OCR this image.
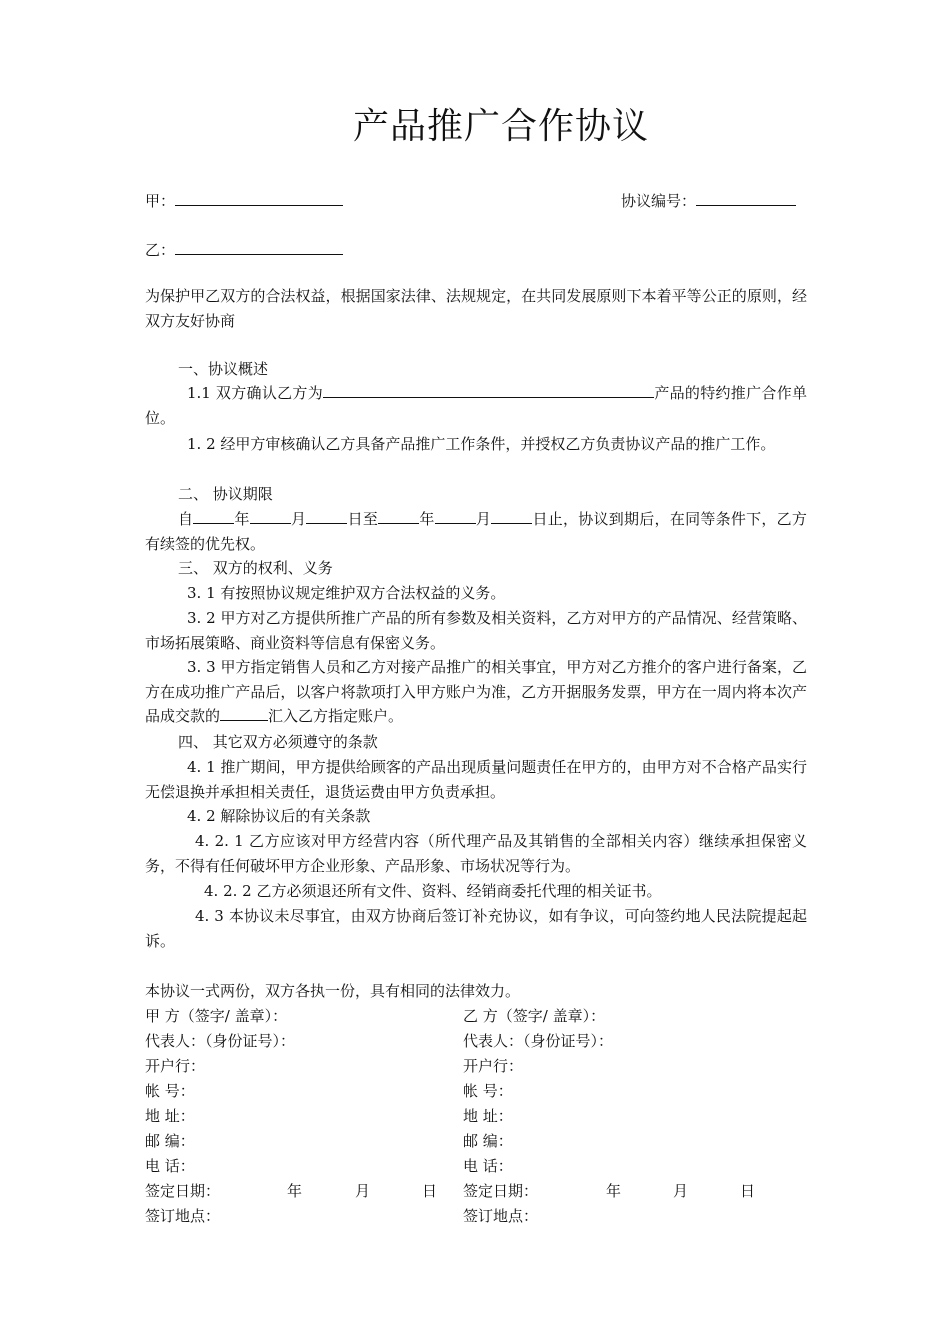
产品推广合作协议
甲：	协议编号：
乙：
为保护甲乙双方的合法权益，根据国家法律、法规规定，在共同发展原则下本着平等公正的原则，经双方友好协商
一、协议概述
1.1 双方确认乙方为	产品的特约推广合作单位。
1. 2 经甲方审核确认乙方具备产品推广工作条件，并授权乙方负责协议产品的推广工作。
二、 协议期限
自	年	月	日至	年	月	日止，协议到期后，在同等条件下，乙方有续签的优先权。
三、 双方的权利、义务
3. 1 有按照协议规定维护双方合法权益的义务。
3. 2 甲方对乙方提供所推广产品的所有参数及相关资料，乙方对甲方的产品情况、经营策略、市场拓展策略、商业资料等信息有保密义务。
3. 3 甲方指定销售人员和乙方对接产品推广的相关事宜，甲方对乙方推介的客户进行备案，乙方在成功推广产品后，以客户将款项打入甲方账户为准，乙方开据服务发票，甲方在一周内将本次产品成交款的	汇入乙方指定账户。
四、 其它双方必须遵守的条款
4. 1 推广期间，甲方提供给顾客的产品出现质量问题责任在甲方的，由甲方对不合格产品实行无偿退换并承担相关责任，退货运费由甲方负责承担。
4. 2 解除协议后的有关条款
4. 2. 1 乙方应该对甲方经营内容（所代理产品及其销售的全部相关内容）继续承担保密义务，不得有任何破坏甲方企业形象、产品形象、市场状况等行为。
4. 2. 2 乙方必须退还所有文件、资料、经销商委托代理的相关证书。
4. 3 本协议未尽事宜，由双方协商后签订补充协议，如有争议，可向签约地人民法院提起起诉。
本协议一式两份，双方各执一份，具有相同的法律效力。
甲 方（签字/ 盖章）：
代表人：（身份证号）：
开户行：
帐 号：
地 址：
邮 编：
电 话：
签定日期：	年	月	日
签订地点：
乙 方（签字/ 盖章）：
代表人：（身份证号）：
开户行：
帐 号：
地 址：
邮 编：
电 话：
签定日期：	年	月	日
签订地点：
